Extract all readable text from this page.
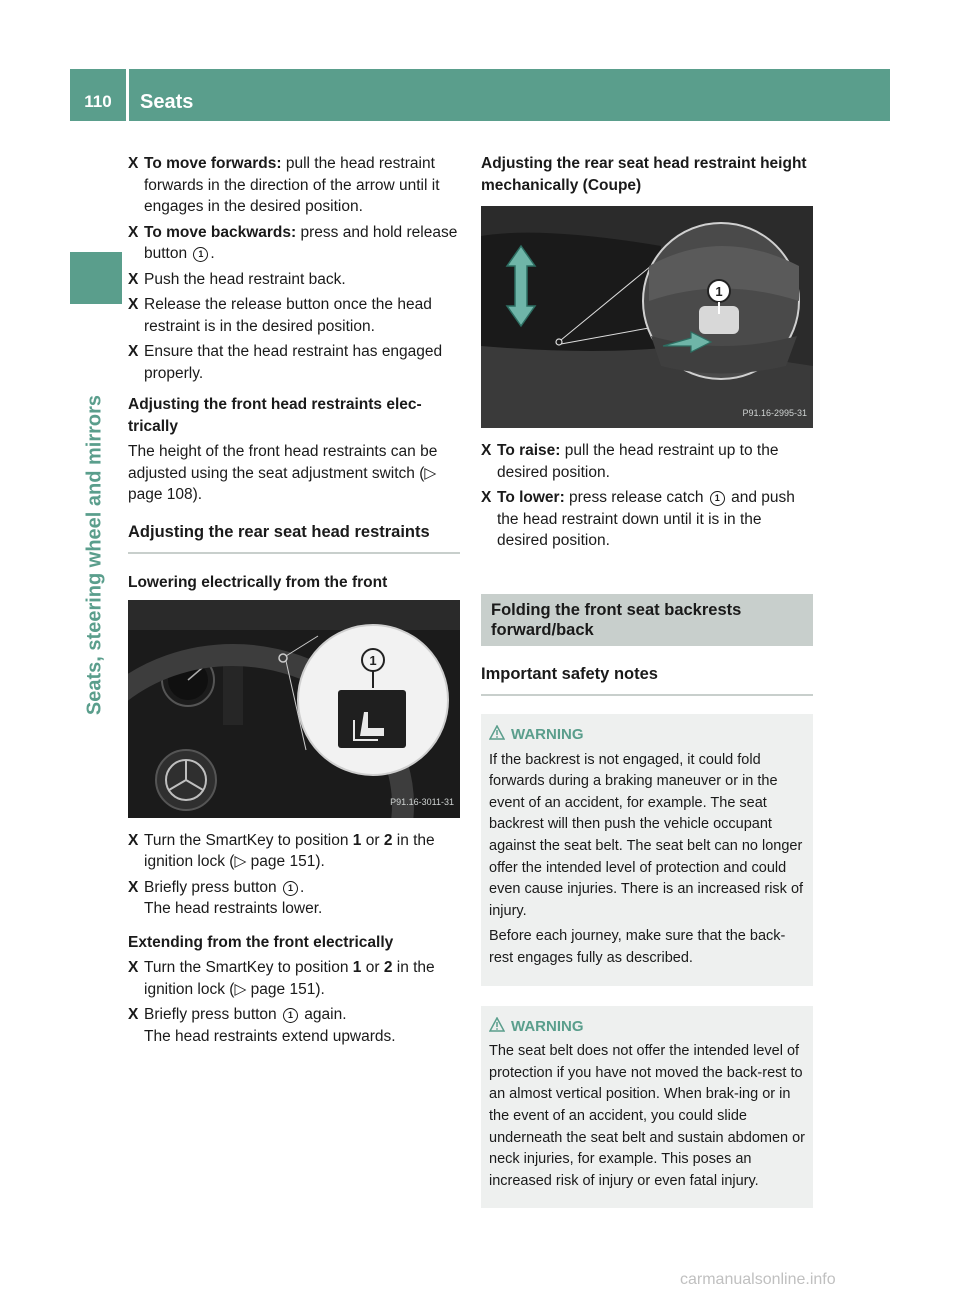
110	Seats
Seats, steering wheel and mirrors
X To move forwards: pull the head restraint forwards in the direction of the arrow until it engages in the desired position.
X To move backwards: press and hold release button 1 .
X Push the head restraint back.
X Release the release button once the head restraint is in the desired position.
X Ensure that the head restraint has engaged properly.
Adjusting the front head restraints elec-trically
The height of the front head restraints can be adjusted using the seat adjustment switch (▷ page 108).
Adjusting the rear seat head restraints
Lowering electrically from the front
1
P91.16-3011-31
X Turn the SmartKey to position 1 or 2 in the ignition lock (▷ page 151).
X Briefly press button 1 .
The head restraints lower.
Extending from the front electrically
X Turn the SmartKey to position 1 or 2 in the ignition lock (▷ page 151).
X Briefly press button 1 again.
The head restraints extend upwards.
Adjusting the rear seat head restraint height mechanically (Coupe)
1
P91.16-2995-31
X To raise: pull the head restraint up to the desired position.
X To lower: press release catch 1 and push the head restraint down until it is in the desired position.
Folding the front seat backrests forward/back
Important safety notes
WARNING
If the backrest is not engaged, it could fold forwards during a braking maneuver or in the event of an accident, for example. The seat backrest will then push the vehicle occupant against the seat belt. The seat belt can no longer offer the intended level of protection and could even cause injuries. There is an increased risk of injury.
Before each journey, make sure that the back-rest engages fully as described.
WARNING
The seat belt does not offer the intended level of protection if you have not moved the back-rest to an almost vertical position. When brak-ing or in the event of an accident, you could slide underneath the seat belt and sustain abdomen or neck injuries, for example. This poses an increased risk of injury or even fatal injury.
carmanualsonline.info
